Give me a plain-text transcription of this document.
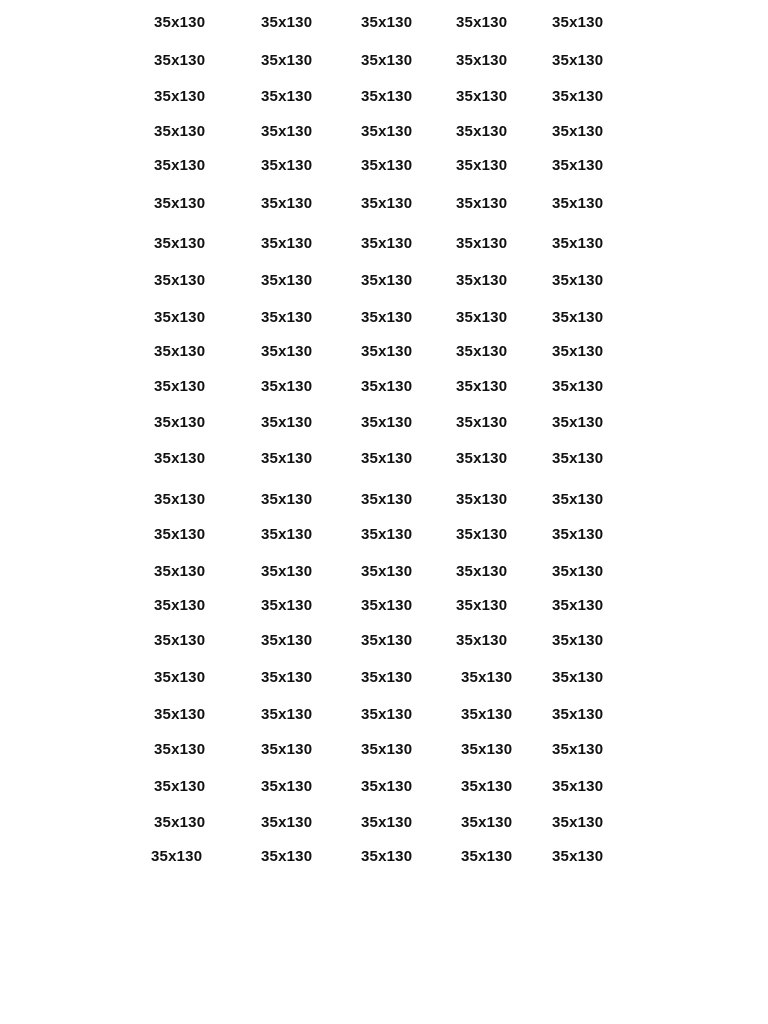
35x130	35x130	35x130	35x130	35x130
35x130	35x130	35x130	35x130	35x130
35x130	35x130	35x130	35x130	35x130
35x130	35x130	35x130	35x130	35x130
35x130	35x130	35x130	35x130	35x130
35x130	35x130	35x130	35x130	35x130
35x130	35x130	35x130	35x130	35x130
35x130	35x130	35x130	35x130	35x130
35x130	35x130	35x130	35x130	35x130
35x130	35x130	35x130	35x130	35x130
35x130	35x130	35x130	35x130	35x130
35x130	35x130	35x130	35x130	35x130
35x130	35x130	35x130	35x130	35x130
35x130	35x130	35x130	35x130	35x130
35x130	35x130	35x130	35x130	35x130
35x130	35x130	35x130	35x130	35x130
35x130	35x130	35x130	35x130	35x130
35x130	35x130	35x130	35x130	35x130
35x130	35x130	35x130	35x130	35x130
35x130	35x130	35x130	35x130	35x130
35x130	35x130	35x130	35x130	35x130
35x130	35x130	35x130	35x130	35x130
35x130	35x130	35x130	35x130	35x130
35x130	35x130	35x130	35x130	35x130
